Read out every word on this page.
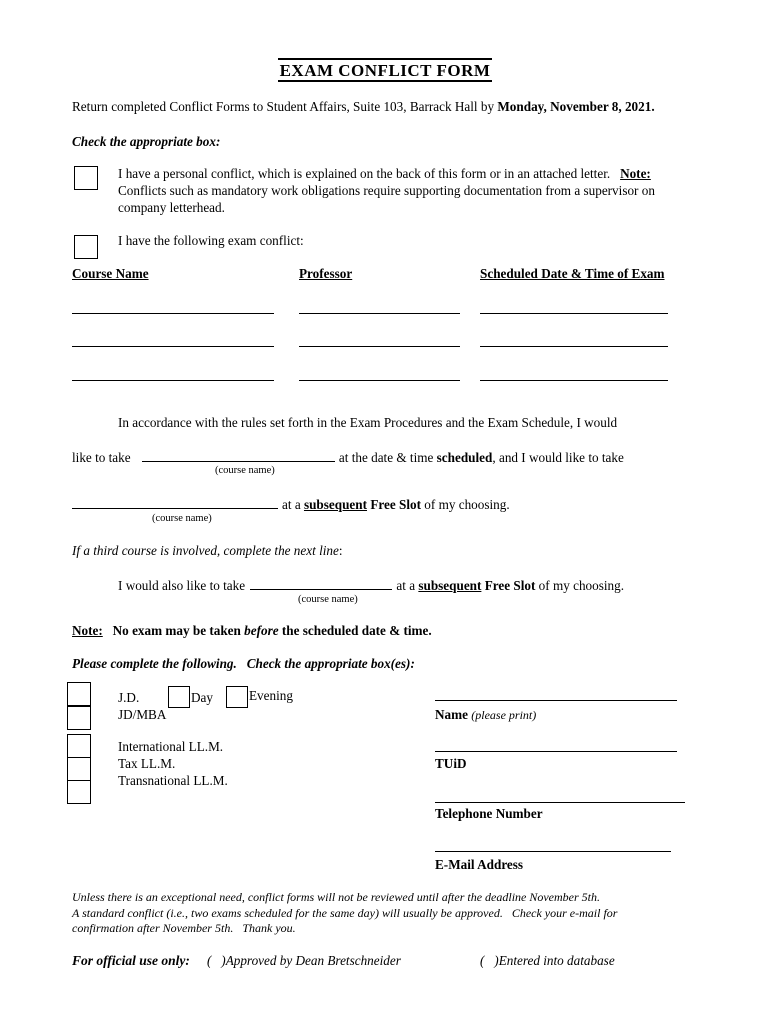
EXAM CONFLICT FORM
Return completed Conflict Forms to Student Affairs, Suite 103, Barrack Hall by Monday, November 8, 2021.
Check the appropriate box:
I have a personal conflict, which is explained on the back of this form or in an attached letter. Note: Conflicts such as mandatory work obligations require supporting documentation from a supervisor on company letterhead.
I have the following exam conflict:
Course Name	Professor	Scheduled Date & Time of Exam
In accordance with the rules set forth in the Exam Procedures and the Exam Schedule, I would
like to take	at the date & time scheduled, and I would like to take
(course name)
at a subsequent Free Slot of my choosing.
(course name)
If a third course is involved, complete the next line:
I would also like to take	at a subsequent Free Slot of my choosing.
(course name)
Note: No exam may be taken before the scheduled date & time.
Please complete the following.   Check the appropriate box(es):
J.D.	Day	Evening
JD/MBA
International LL.M.
Tax LL.M.
Transnational LL.M.
Name (please print)
TUiD
Telephone Number
E-Mail Address
Unless there is an exceptional need, conflict forms will not be reviewed until after the deadline November 5th.
A standard conflict (i.e., two exams scheduled for the same day) will usually be approved.   Check your e-mail for
confirmation after November 5th.   Thank you.
For official use only: (   )Approved by Dean Bretschneider	(   )Entered into database
